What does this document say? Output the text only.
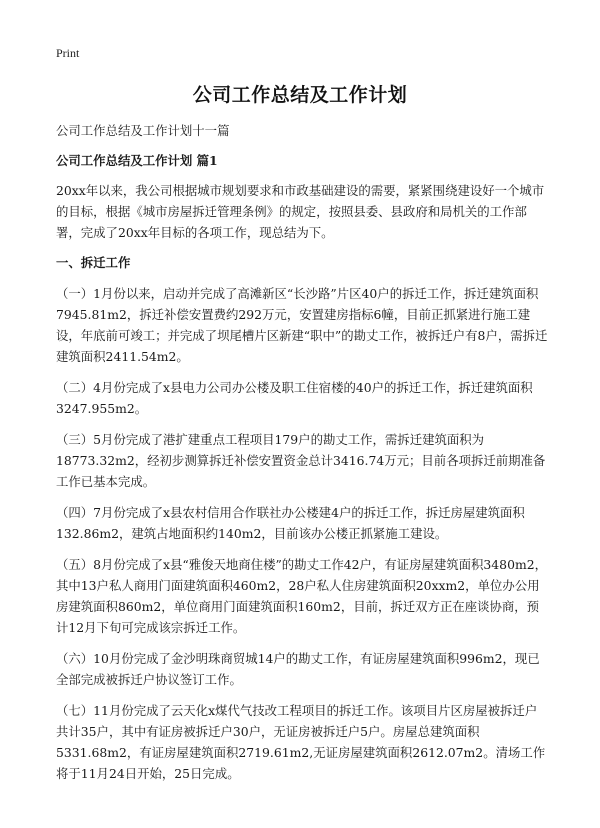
Print
公司工作总结及工作计划

公司工作总结及工作计划十一篇

公司工作总结及工作计划 篇1

20xx年以来，我公司根据城市规划要求和市政基础建设的需要，紧紧围绕建设好一个城市的目标，根据《城市房屋拆迁管理条例》的规定，按照县委、县政府和局机关的工作部署，完成了20xx年目标的各项工作，现总结为下。

一、拆迁工作

（一）1月份以来，启动并完成了高滩新区“长沙路”片区40户的拆迁工作，拆迁建筑面积7945.81m2，拆迁补偿安置费约292万元，安置建房指标6幢，目前正抓紧进行施工建设，年底前可竣工；并完成了坝尾槽片区新建“职中”的勘丈工作，被拆迁户有8户，需拆迁建筑面积2411.54m2。

（二）4月份完成了x县电力公司办公楼及职工住宿楼的40户的拆迁工作，拆迁建筑面积3247.955m2。

（三）5月份完成了港扩建重点工程项目179户的勘丈工作，需拆迁建筑面积为18773.32m2，经初步测算拆迁补偿安置资金总计3416.74万元；目前各项拆迁前期准备工作已基本完成。

（四）7月份完成了x县农村信用合作联社办公楼建4户的拆迁工作，拆迁房屋建筑面积132.86m2，建筑占地面积约140m2，目前该办公楼正抓紧施工建设。

（五）8月份完成了x县“雅俊天地商住楼”的勘丈工作42户，有证房屋建筑面积3480m2，其中13户私人商用门面建筑面积460m2，28户私人住房建筑面积20xxm2，单位办公用房建筑面积860m2，单位商用门面建筑面积160m2，目前，拆迁双方正在座谈协商，预计12月下旬可完成该宗拆迁工作。

（六）10月份完成了金沙明珠商贸城14户的勘丈工作，有证房屋建筑面积996m2，现已全部完成被拆迁户协议签订工作。

（七）11月份完成了云天化x煤代气技改工程项目的拆迁工作。该项目片区房屋被拆迁户共计35户，其中有证房被拆迁户30户，无证房被拆迁户5户。房屋总建筑面积5331.68m2，有证房屋建筑面积2719.61m2,无证房屋建筑面积2612.07m2。清场工作将于11月24日开始，25日完成。
